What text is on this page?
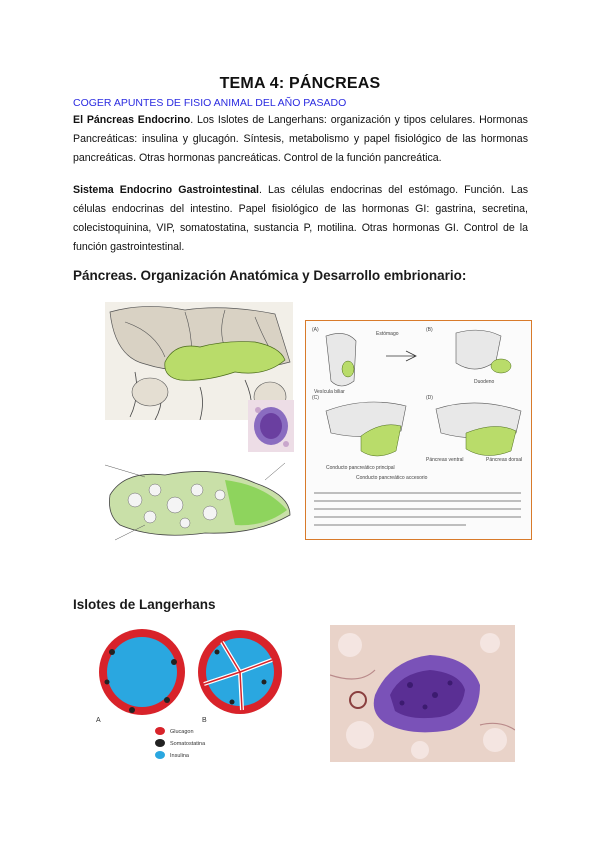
TEMA 4: PÁNCREAS
COGER APUNTES DE FISIO ANIMAL DEL AÑO PASADO
El Páncreas Endocrino. Los Islotes de Langerhans: organización y tipos celulares. Hormonas Pancreáticas: insulina y glucagón. Síntesis, metabolismo y papel fisiológico de las hormonas pancreáticas. Otras hormonas pancreáticas. Control de la función pancreática.
Sistema Endocrino Gastrointestinal. Las células endocrinas del estómago. Función. Las células endocrinas del intestino. Papel fisiológico de las hormonas GI: gastrina, secretina, colecistoquinina, VIP, somatostatina, sustancia P, motilina. Otras hormonas GI. Control de la función gastrointestinal.
Páncreas. Organización Anatómica y Desarrollo embrionario:
(A)	(B)
(C)	(D)
Vesícula biliar
Estómago
Duodeno
Páncreas dorsal
Páncreas ventral
Conducto pancreático principal
Conducto pancreático accesorio
Islotes de Langerhans
A	B
Glucagon
Somatostatina
Insulina
